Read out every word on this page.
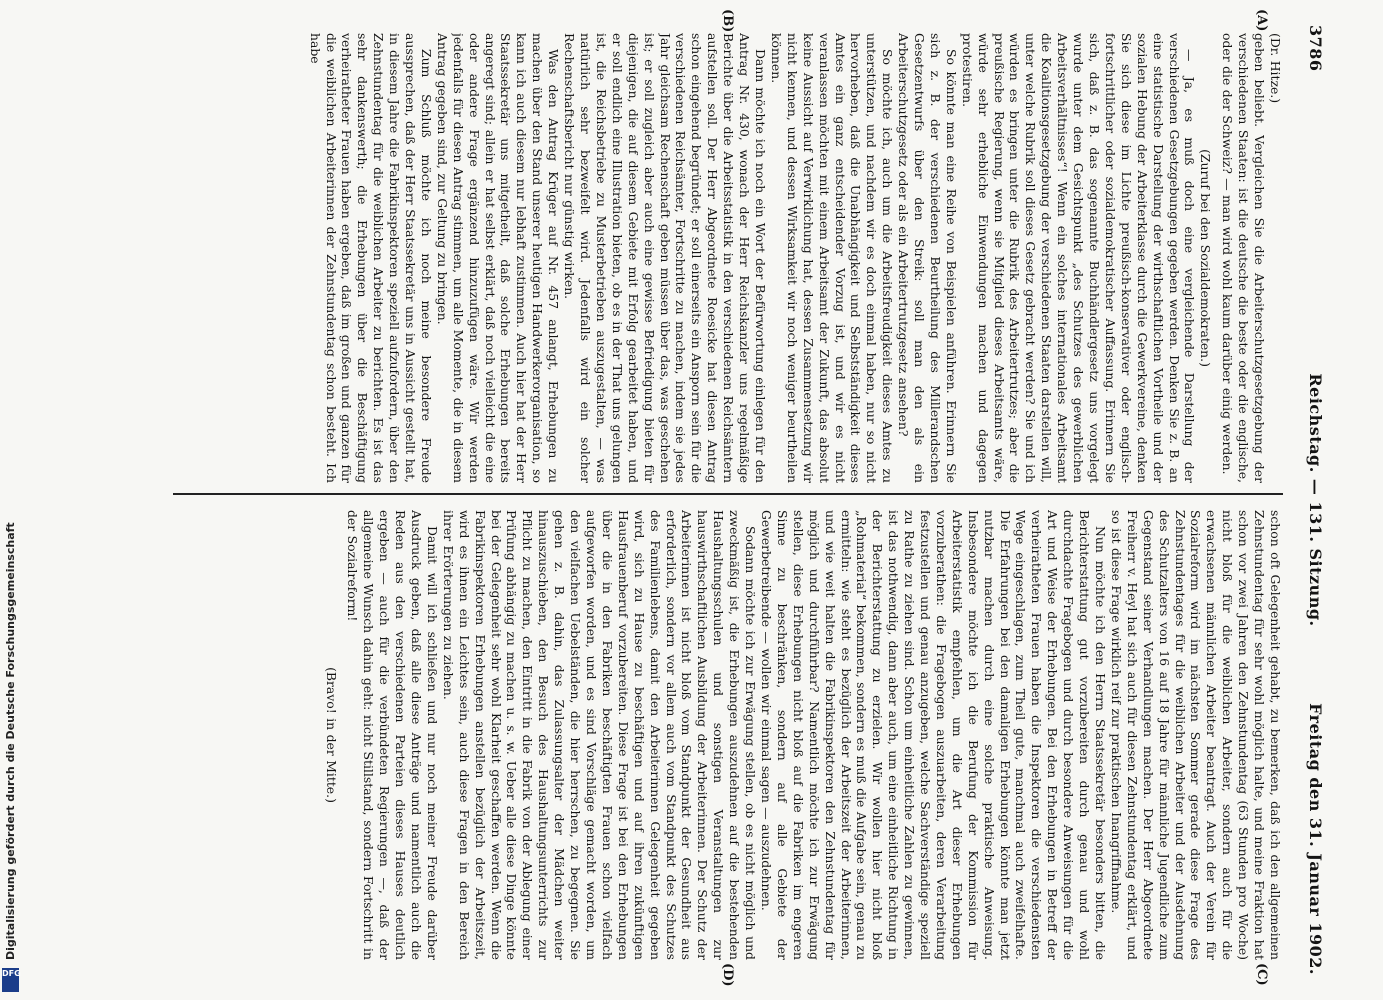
Digitalisierung gefördert durch die Deutsche Forschungsgemeinschaft
DFG
3786
Reichstag. — 131. Sitzung.
Freitag den 31. Januar 1902.
(A)
(B)
(C)
(D)

(Dr. Hitze.)

geben beliebt. Vergleichen Sie die Arbeiterschutzgesetzgebung der verschiedenen Staaten: ist die deutsche die beste oder die englische, oder die der Schweiz? — man wird wohl kaum darüber einig werden.

(Zuruf bei den Sozialdemokraten.)

— Ja, es muß doch eine vergleichende Darstellung der verschiedenen Gesetzgebungen gegeben werden. Denken Sie z. B. an eine statistische Darstellung der wirthschaftlichen Vortheile und der sozialen Hebung der Arbeiterklasse durch die Gewerkvereine, denken Sie sich diese im Lichte preußisch-konservativer oder englisch-fortschrittlicher oder sozialdemokratischer Auffassung. Erinnern Sie sich, daß z. B. das sogenannte Buchhändlergesetz uns vorgelegt wurde unter dem Gesichtspunkt „des Schutzes des gewerblichen Arbeitsverhältnisses“! Wenn ein solches internationales Arbeitsamt die Koalitionsgesetzgebung der verschiedenen Staaten darstellen will, unter welche Rubrik soll dieses Gesetz gebracht werden? Sie und ich würden es bringen unter die Rubrik des Arbeitertrutzes; aber die preußische Regierung, wenn sie Mitglied dieses Arbeitsamts wäre, würde sehr erhebliche Einwendungen machen und dagegen protestiren.

So könnte man eine Reihe von Beispielen anführen. Erinnern Sie sich z. B. der verschiedenen Beurtheilung des Millerandschen Gesetzentwurfs über den Streik: soll man den als ein Arbeiterschutzgesetz oder als ein Arbeitertrutzgesetz ansehen?

So möchte ich, auch um die Arbeitsfreudigkeit dieses Amtes zu unterstützen, und nachdem wir es doch einmal haben, nur so nicht hervorheben, daß die Unabhängigkeit und Selbstständigkeit dieses Amtes ein ganz entscheidender Vorzug ist, und wir es nicht veranlassen möchten mit einem Arbeitsamt der Zukunft, das absolut keine Aussicht auf Verwirklichung hat, dessen Zusammensetzung wir nicht kennen, und dessen Wirksamkeit wir noch weniger beurtheilen können.

Dann möchte ich noch ein Wort der Befürwortung einlegen für den Antrag Nr. 430, wonach der Herr Reichskanzler uns regelmäßige Berichte über die Arbeitsstatistik in den verschiedenen Reichsämtern aufstellen soll. Der Herr Abgeordnete Roesicke hat diesen Antrag schon eingehend begründet; er soll einerseits ein Ansporn sein für die verschiedenen Reichsämter, Fortschritte zu machen, indem sie jedes Jahr gleichsam Rechenschaft geben müssen über das, was geschehen ist; er soll zugleich aber auch eine gewisse Befriedigung bieten für diejenigen, die auf diesem Gebiete mit Erfolg gearbeitet haben, und er soll endlich eine Illustration bieten, ob es in der That uns gelungen ist, die Reichsbetriebe zu Musterbetrieben auszugestalten, — was natürlich sehr bezweifelt wird. Jedenfalls wird ein solcher Rechenschaftsbericht nur günstig wirken.

Was den Antrag Krüger auf Nr. 457 anlangt, Erhebungen zu machen über den Stand unserer heutigen Handwerkerorganisation, so kann ich auch diesem nur lebhaft zustimmen. Auch hier hat der Herr Staatssekretär uns mitgetheilt, daß solche Erhebungen bereits angeregt sind; allein er hat selbst erklärt, daß noch vielleicht die eine oder andere Frage ergänzend hinzuzufügen wäre. Wir werden jedenfalls für diesen Antrag stimmen, um alle Momente, die in diesem Antrag gegeben sind, zur Geltung zu bringen.

Zum Schluß möchte ich noch meine besondere Freude aussprechen, daß der Herr Staatssekretär uns in Aussicht gestellt hat, in diesem Jahre die Fabrikinspektoren speziell aufzufordern, über den Zehnstundentag für die weiblichen Arbeiter zu berichten. Es ist das sehr dankenswerth; die Erhebungen über die Beschäftigung verheiratheter Frauen haben ergeben, daß im großen und ganzen für die weiblichen Arbeiterinnen der Zehnstundentag schon besteht. Ich habe

schon oft Gelegenheit gehabt, zu bemerken, daß ich den allgemeinen Zehnstundentag für sehr wohl möglich halte, und meine Fraktion hat schon vor zwei Jahren den Zehnstundentag (63 Stunden pro Woche) nicht bloß für die weiblichen Arbeiter, sondern auch für die erwachsenen männlichen Arbeiter beantragt. Auch der Verein für Sozialreform wird im nächsten Sommer gerade diese Frage des Zehnstundentages für die weiblichen Arbeiter und der Ausdehnung des Schutzalters von 16 auf 18 Jahre für männliche Jugendliche zum Gegenstand seiner Verhandlungen machen. Der Herr Abgeordnete Freiherr v. Heyl hat sich auch für diesen Zehnstundentag erklärt, und so ist diese Frage wirklich reif zur praktischen Inangriffnahme.

Nun möchte ich den Herrn Staatssekretär besonders bitten, die Berichterstattung gut vorzubereiten durch genau und wohl durchdachte Fragebogen und durch besondere Anweisungen für die Art und Weise der Erhebungen. Bei den Erhebungen in Betreff der verheiratheten Frauen haben die Inspektoren die verschiedensten Wege eingeschlagen, zum Theil gute, manchmal auch zweifelhafte. Die Erfahrungen bei den damaligen Erhebungen könnte man jetzt nutzbar machen durch eine solche praktische Anweisung. Insbesondere möchte ich die Berufung der Kommission für Arbeiterstatistik empfehlen, um die Art dieser Erhebungen vorzuberathen: die Fragebogen auszuarbeiten, deren Verarbeitung festzustellen und genau anzugeben, welche Sachverständige speziell zu Rathe zu ziehen sind. Schon um einheitliche Zahlen zu gewinnen, ist das nothwendig, dann aber auch, um eine einheitliche Richtung in der Berichterstattung zu erzielen. Wir wollen hier nicht bloß „Rohmaterial“ bekommen, sondern es muß die Aufgabe sein, genau zu ermitteln: wie steht es bezüglich der Arbeitszeit der Arbeiterinnen, und wie weit halten die Fabrikinspektoren den Zehnstundentag für möglich und durchführbar? Namentlich möchte ich zur Erwägung stellen, diese Erhebungen nicht bloß auf die Fabriken im engeren Sinne zu beschränken, sondern auf alle Gebiete der Gewerbetreibende — wollen wir einmal sagen — auszudehnen.

Sodann möchte ich zur Erwägung stellen, ob es nicht möglich und zweckmäßig ist, die Erhebungen auszudehnen auf die bestehenden Haushaltungsschulen und sonstigen Veranstaltungen zur hauswirthschaftlichen Ausbildung der Arbeiterinnen. Der Schutz der Arbeiterinnen ist nicht bloß vom Standpunkt der Gesundheit aus erforderlich, sondern vor allem auch vom Standpunkt des Schutzes des Familienlebens, damit den Arbeiterinnen Gelegenheit gegeben wird, sich zu Hause zu beschäftigen und auf ihren zukünftigen Hausfrauenberuf vorzubereiten. Diese Frage ist bei den Erhebungen über die in den Fabriken beschäftigten Frauen schon vielfach aufgeworfen worden, und es sind Vorschläge gemacht worden, um den vielfachen Uebelständen, die hier herrschen, zu begegnen. Sie gehen z. B. dahin, das Zulassungsalter der Mädchen weiter hinauszuschieben, den Besuch des Haushaltungsunterrichts zur Pflicht zu machen, den Eintritt in die Fabrik von der Ablegung einer Prüfung abhängig zu machen u. s. w. Ueber alle diese Dinge könnte bei der Gelegenheit sehr wohl Klarheit geschaffen werden. Wenn die Fabrikinspektoren Erhebungen anstellen bezüglich der Arbeitszeit, wird es ihnen ein Leichtes sein, auch diese Fragen in den Bereich ihrer Erörterungen zu ziehen.

Damit will ich schließen und nur noch meiner Freude darüber Ausdruck geben, daß alle diese Anträge und namentlich auch die Reden aus den verschiedenen Parteien dieses Hauses deutlich ergeben — auch für die verbündeten Regierungen —, daß der allgemeine Wunsch dahin geht: nicht Stillstand, sondern Fortschritt in der Sozialreform!

(Bravo! in der Mitte.)
